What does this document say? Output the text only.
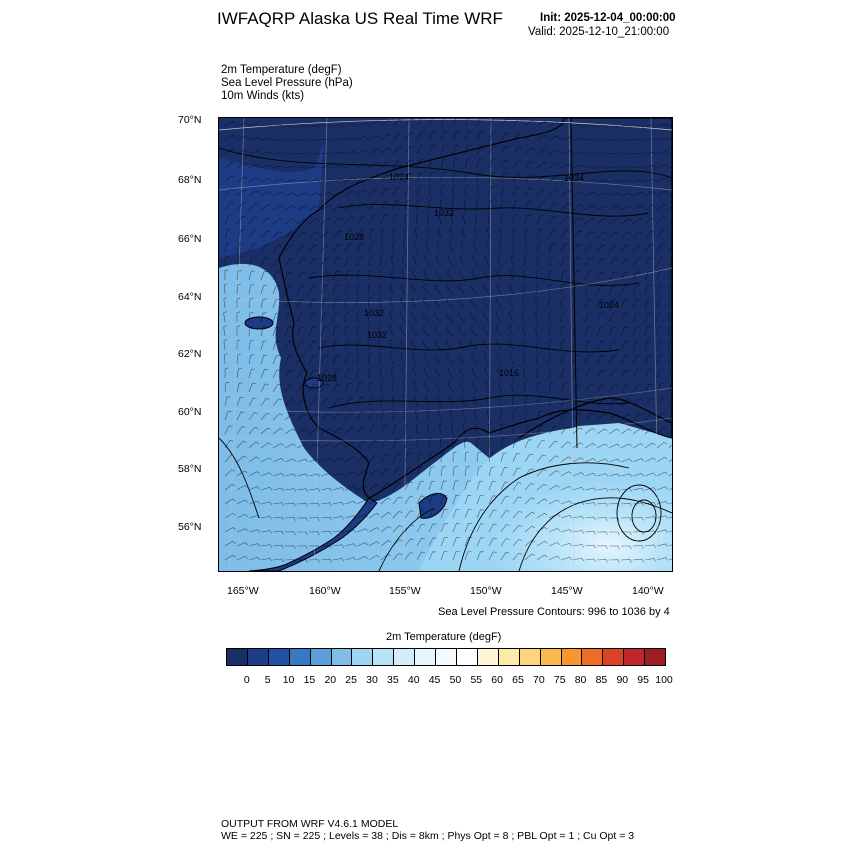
IWFAQRP Alaska US Real Time WRF	Init: 2025-12-04_00:00:00
Valid: 2025-12-10_21:00:00
2m Temperature (degF)
Sea Level Pressure (hPa)
10m Winds (kts)
70°N
68°N
66°N
64°N
62°N
60°N
58°N
56°N
1024
1032
1028
1032
1024
1024
1032
1028	1016
165°W	160°W	155°W	150°W	145°W	140°W
Sea Level Pressure Contours: 996 to 1036 by 4
2m Temperature (degF)
0 5 10 15 20 25 30 35 40 45 50 55 60 65 70 75 80 85 90 95 100
OUTPUT FROM WRF V4.6.1 MODEL
WE = 225 ; SN = 225 ; Levels = 38 ; Dis = 8km ; Phys Opt = 8 ; PBL Opt = 1 ; Cu Opt = 3
